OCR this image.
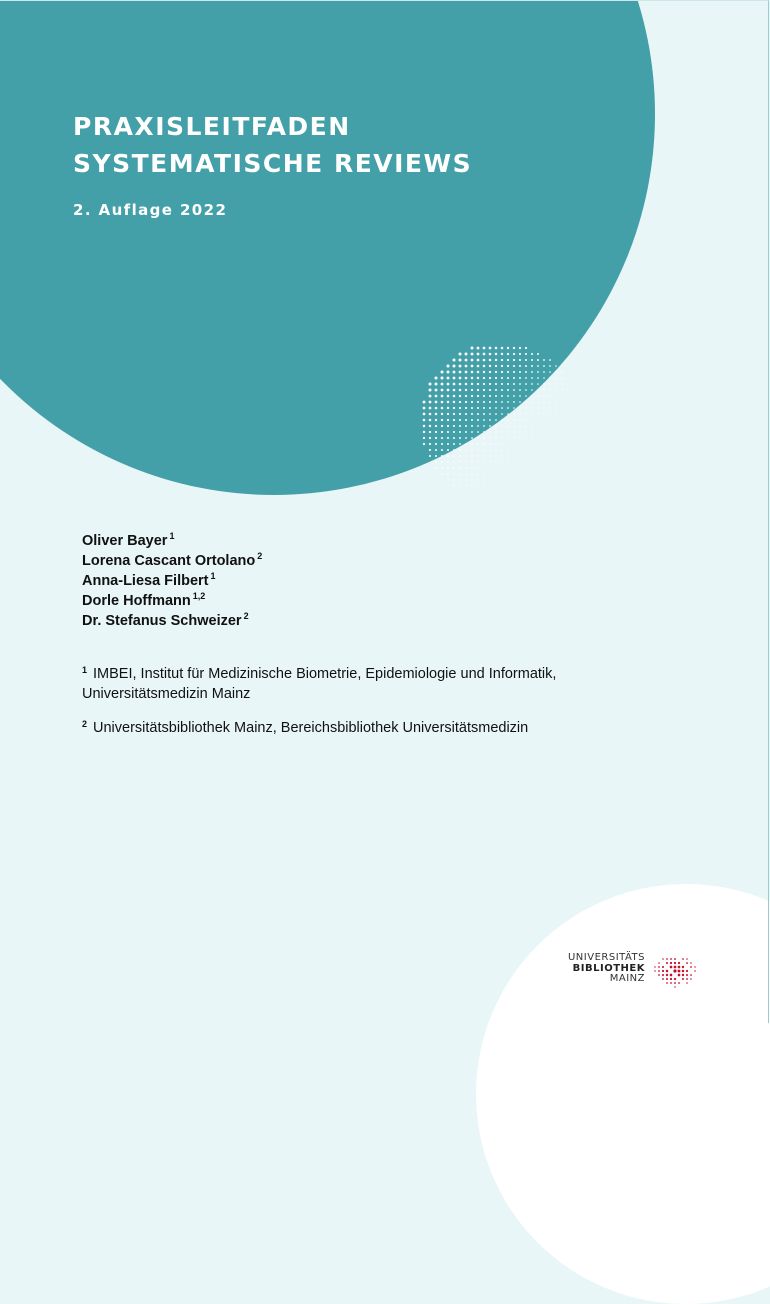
PRAXISLEITFADEN
SYSTEMATISCHE REVIEWS
2. Auflage 2022
Oliver Bayer $^1$
Lorena Cascant Ortolano $^2$
Anna-Liesa Filbert $^1$
Dorle Hoffmann $^{1,2}$
Dr. Stefanus Schweizer $^2$

$^1$ IMBEI, Institut für Medizinische Biometrie, Epidemiologie und Informatik,
Universitätsmedizin Mainz

$^2$ Universitätsbibliothek Mainz, Bereichsbibliothek Universitätsmedizin

UNIVERSITÄTS
BIBLIOTHEK
MAINZ
